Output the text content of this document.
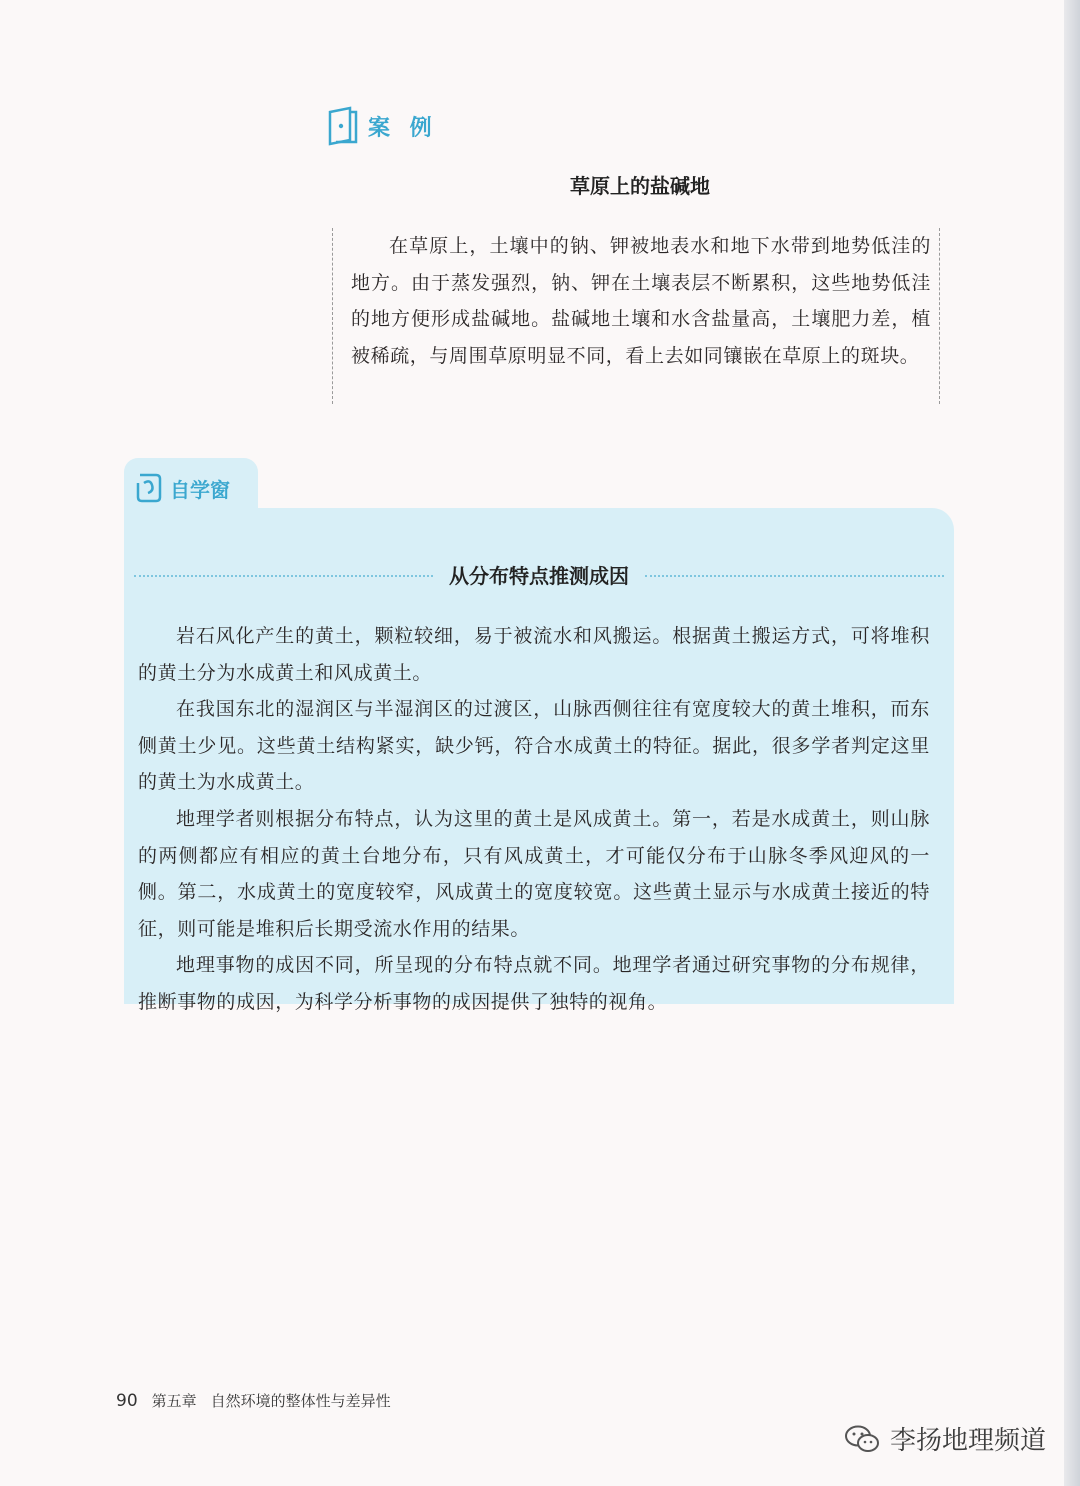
案 例
草原上的盐碱地

在草原上，土壤中的钠、钾被地表水和地下水带到地势低洼的地方。由于蒸发强烈，钠、钾在土壤表层不断累积，这些地势低洼的地方便形成盐碱地。盐碱地土壤和水含盐量高，土壤肥力差，植被稀疏，与周围草原明显不同，看上去如同镶嵌在草原上的斑块。

自学窗
从分布特点推测成因

岩石风化产生的黄土，颗粒较细，易于被流水和风搬运。根据黄土搬运方式，可将堆积的黄土分为水成黄土和风成黄土。

在我国东北的湿润区与半湿润区的过渡区，山脉西侧往往有宽度较大的黄土堆积，而东侧黄土少见。这些黄土结构紧实，缺少钙，符合水成黄土的特征。据此，很多学者判定这里的黄土为水成黄土。

地理学者则根据分布特点，认为这里的黄土是风成黄土。第一，若是水成黄土，则山脉的两侧都应有相应的黄土台地分布，只有风成黄土，才可能仅分布于山脉冬季风迎风的一侧。第二，水成黄土的宽度较窄，风成黄土的宽度较宽。这些黄土显示与水成黄土接近的特征，则可能是堆积后长期受流水作用的结果。

地理事物的成因不同，所呈现的分布特点就不同。地理学者通过研究事物的分布规律，推断事物的成因，为科学分析事物的成因提供了独特的视角。

90 第五章 自然环境的整体性与差异性
李扬地理频道
